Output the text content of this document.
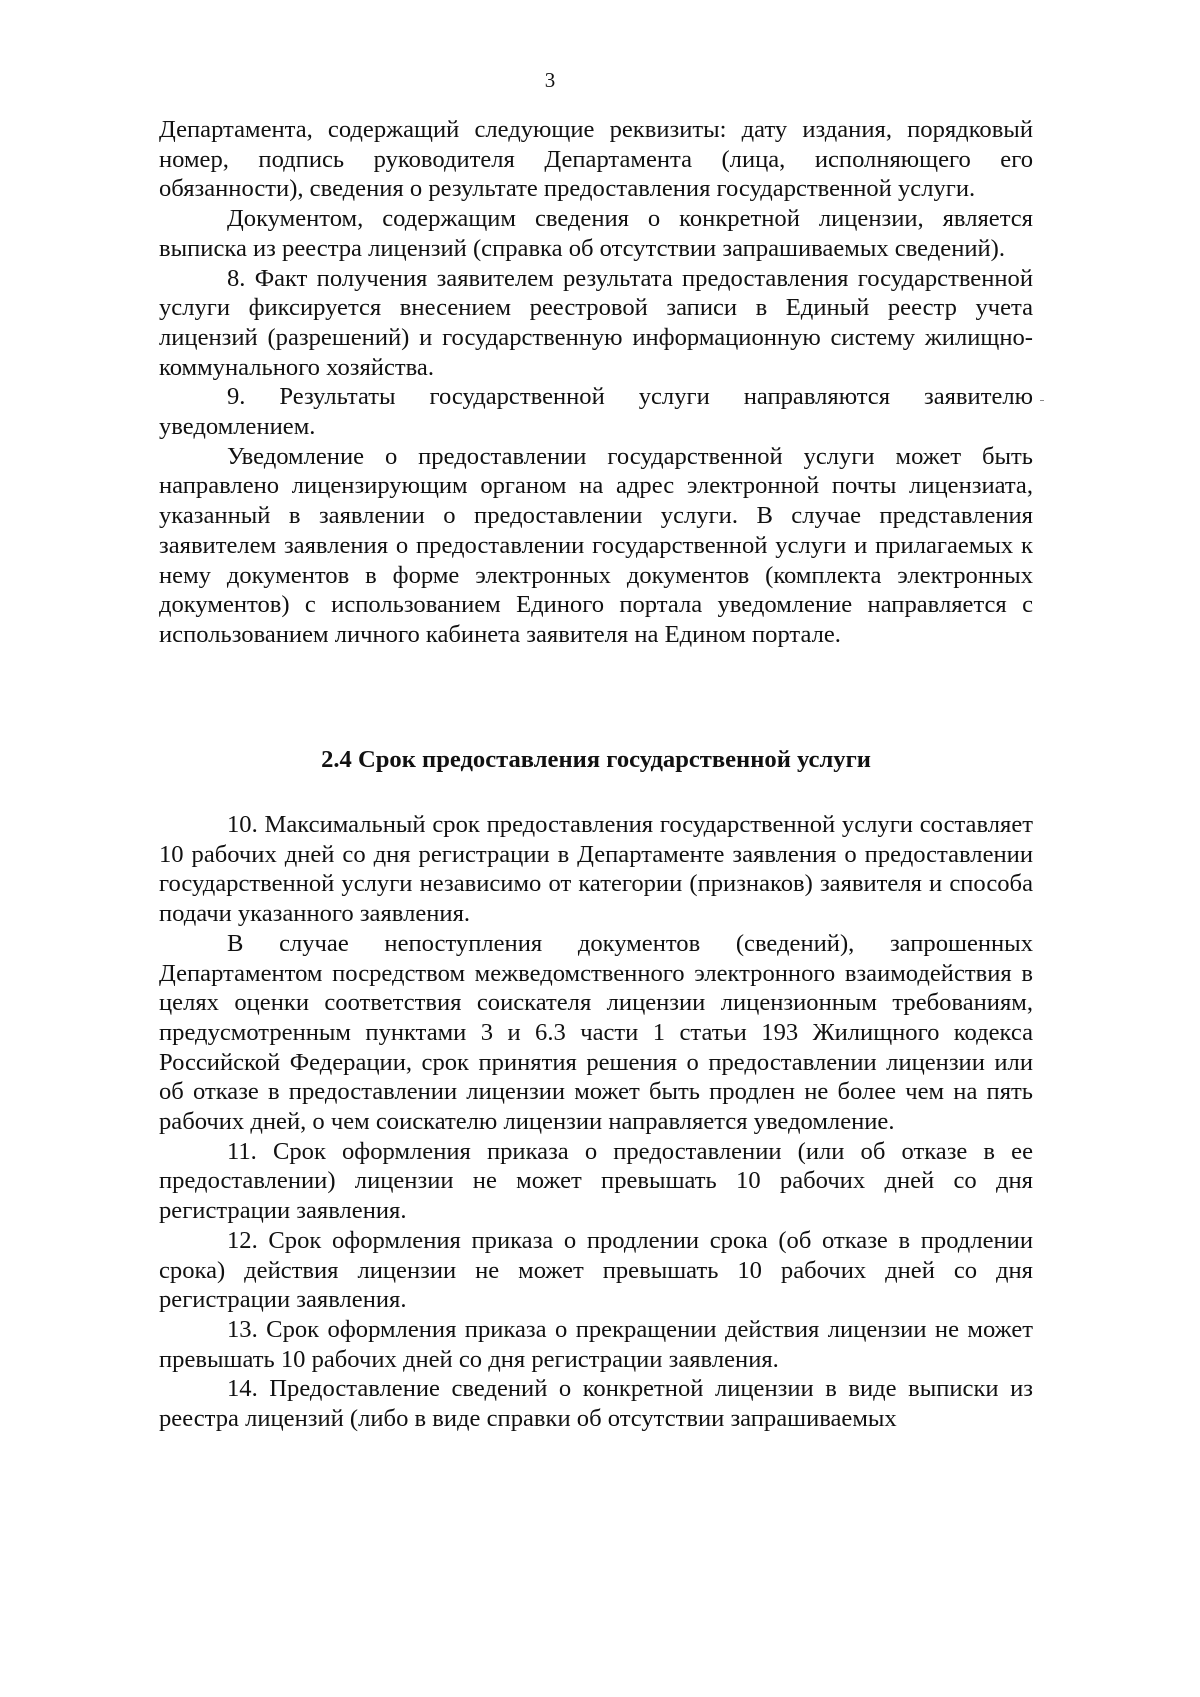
3

Департамента, содержащий следующие реквизиты: дату издания, порядковый номер, подпись руководителя Департамента (лица, исполняющего его обязанности), сведения о результате предоставления государственной услуги.

Документом, содержащим сведения о конкретной лицензии, является выписка из реестра лицензий (справка об отсутствии запрашиваемых сведений).

8. Факт получения заявителем результата предоставления государственной услуги фиксируется внесением реестровой записи в Единый реестр учета лицензий (разрешений) и государственную информационную систему жилищно-коммунального хозяйства.

9. Результаты государственной услуги направляются заявителю уведомлением.

Уведомление о предоставлении государственной услуги может быть направлено лицензирующим органом на адрес электронной почты лицензиата, указанный в заявлении о предоставлении услуги. В случае представления заявителем заявления о предоставлении государственной услуги и прилагаемых к нему документов в форме электронных документов (комплекта электронных документов) с использованием Единого портала уведомление направляется с использованием личного кабинета заявителя на Едином портале.

2.4 Срок предоставления государственной услуги

10. Максимальный срок предоставления государственной услуги составляет 10 рабочих дней со дня регистрации в Департаменте заявления о предоставлении государственной услуги независимо от категории (признаков) заявителя и способа подачи указанного заявления.

В случае непоступления документов (сведений), запрошенных Департаментом посредством межведомственного электронного взаимодействия в целях оценки соответствия соискателя лицензии лицензионным требованиям, предусмотренным пунктами 3 и 6.3 части 1 статьи 193 Жилищного кодекса Российской Федерации, срок принятия решения о предоставлении лицензии или об отказе в предоставлении лицензии может быть продлен не более чем на пять рабочих дней, о чем соискателю лицензии направляется уведомление.

11. Срок оформления приказа о предоставлении (или об отказе в ее предоставлении) лицензии не может превышать 10 рабочих дней со дня регистрации заявления.

12. Срок оформления приказа о продлении срока (об отказе в продлении срока) действия лицензии не может превышать 10 рабочих дней со дня регистрации заявления.

13. Срок оформления приказа о прекращении действия лицензии не может превышать 10 рабочих дней со дня регистрации заявления.

14. Предоставление сведений о конкретной лицензии в виде выписки из реестра лицензий (либо в виде справки об отсутствии запрашиваемых
